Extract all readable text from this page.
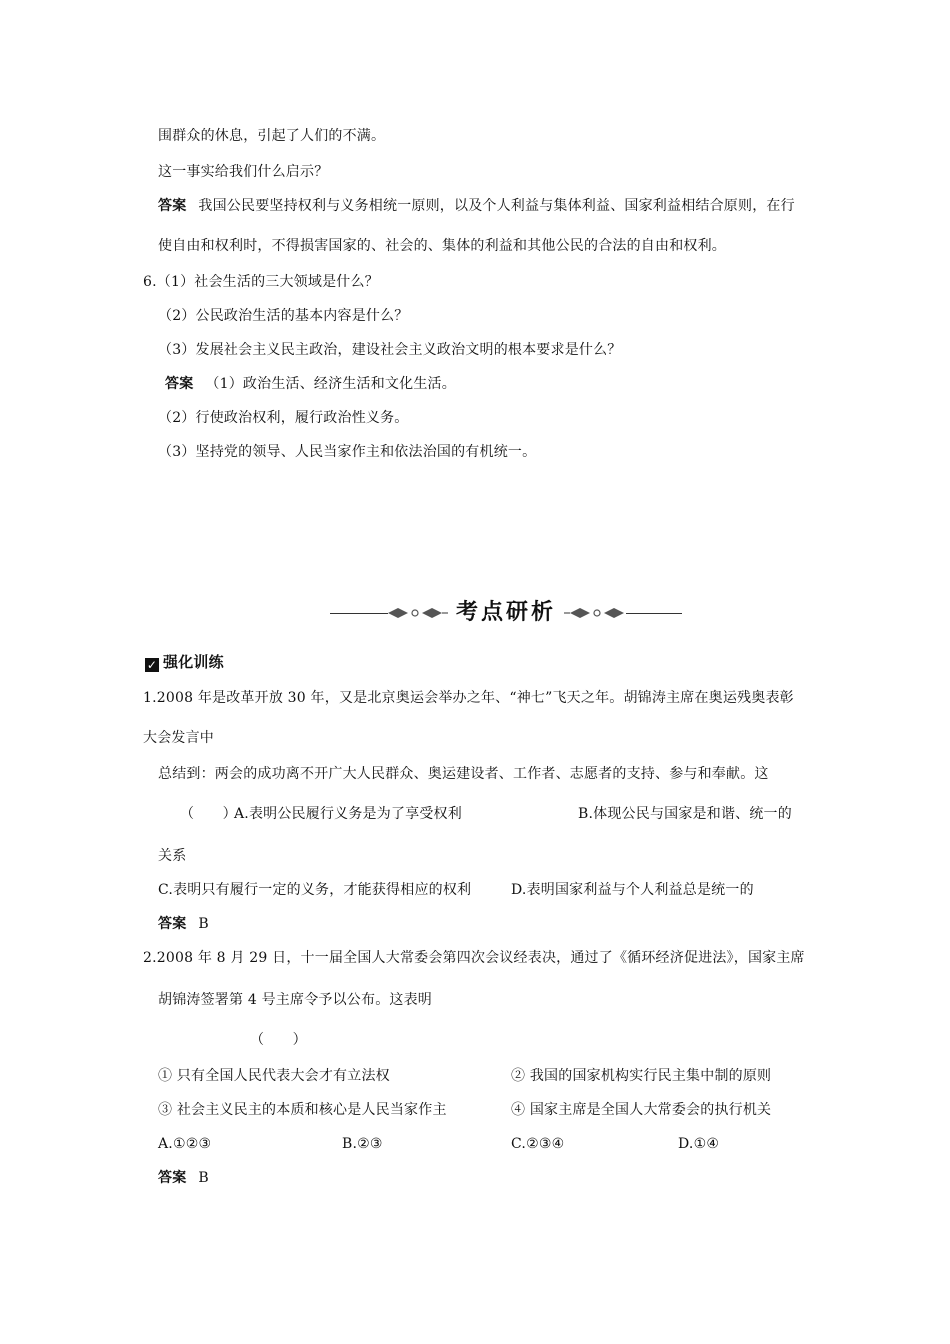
围群众的休息，引起了人们的不满。
这一事实给我们什么启示？
答案 我国公民要坚持权利与义务相统一原则，以及个人利益与集体利益、国家利益相结合原则，在行
使自由和权利时，不得损害国家的、社会的、集体的利益和其他公民的合法的自由和权利。
6.（1）社会生活的三大领域是什么？
（2）公民政治生活的基本内容是什么？
（3）发展社会主义民主政治，建设社会主义政治文明的根本要求是什么？
答案 （1）政治生活、经济生活和文化生活。
（2）行使政治权利，履行政治性义务。
（3）坚持党的领导、人民当家作主和依法治国的有机统一。
考点研析
✓ 强化训练
1.2008 年是改革开放 30 年，又是北京奥运会举办之年、“神七”飞天之年。胡锦涛主席在奥运残奥表彰
大会发言中
总结到：两会的成功离不开广大人民群众、奥运建设者、工作者、志愿者的支持、参与和奉献。这
（　　）
A.表明公民履行义务是为了享受权利	B.体现公民与国家是和谐、统一的
关系
C.表明只有履行一定的义务，才能获得相应的权利	D.表明国家利益与个人利益总是统一的
答案 B
2.2008 年 8 月 29 日，十一届全国人大常委会第四次会议经表决，通过了《循环经济促进法》，国家主席
胡锦涛签署第 4 号主席令予以公布。这表明
（　　）
① 只有全国人民代表大会才有立法权	② 我国的国家机构实行民主集中制的原则
③ 社会主义民主的本质和核心是人民当家作主	④ 国家主席是全国人大常委会的执行机关
A.①②③	B.②③	C.②③④	D.①④
答案 B
